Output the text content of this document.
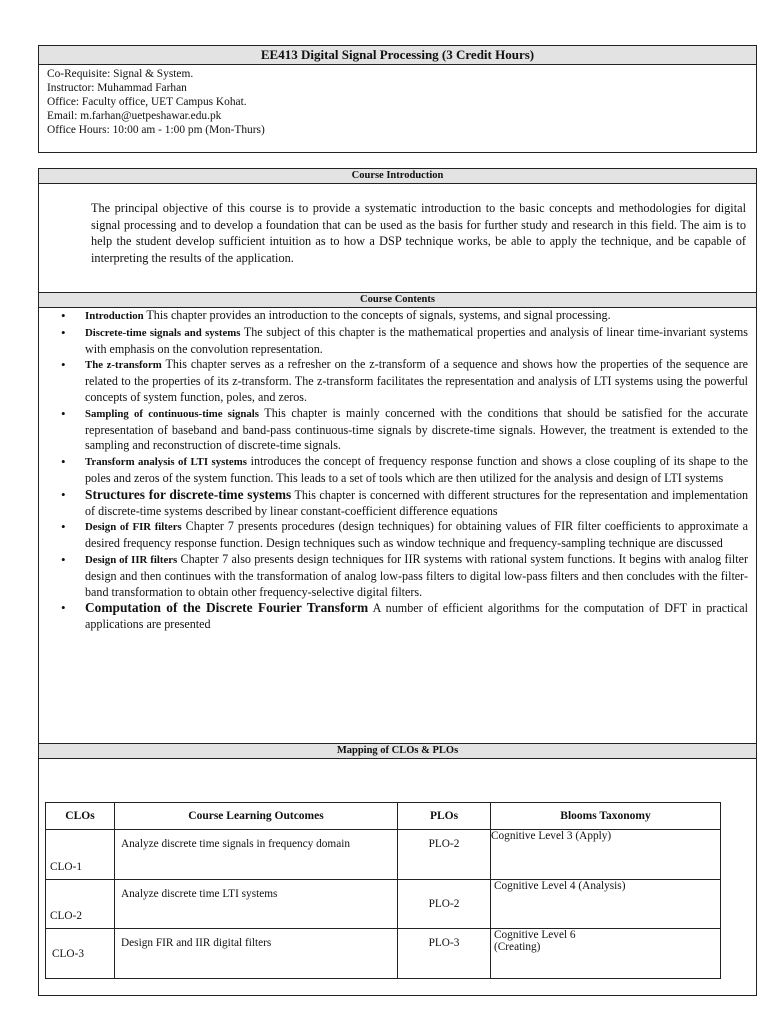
EE413 Digital Signal Processing (3 Credit Hours)
Co-Requisite: Signal & System.
Instructor: Muhammad Farhan
Office: Faculty office, UET Campus Kohat.
Email: m.farhan@uetpeshawar.edu.pk
Office Hours: 10:00 am - 1:00 pm (Mon-Thurs)
Course Introduction
The principal objective of this course is to provide a systematic introduction to the basic concepts and methodologies for digital signal processing and to develop a foundation that can be used as the basis for further study and research in this field. The aim is to help the student develop sufficient intuition as to how a DSP technique works, be able to apply the technique, and be capable of interpreting the results of the application.
Course Contents
• Introduction This chapter provides an introduction to the concepts of signals, systems, and signal processing.
• Discrete-time signals and systems The subject of this chapter is the mathematical properties and analysis of linear time-invariant systems with emphasis on the convolution representation.
• The z-transform This chapter serves as a refresher on the z-transform of a sequence and shows how the properties of the sequence are related to the properties of its z-transform. The z-transform facilitates the representation and analysis of LTI systems using the powerful concepts of system function, poles, and zeros.
• Sampling of continuous-time signals This chapter is mainly concerned with the conditions that should be satisfied for the accurate representation of baseband and band-pass continuous-time signals by discrete-time signals. However, the treatment is extended to the sampling and reconstruction of discrete-time signals.
• Transform analysis of LTI systems introduces the concept of frequency response function and shows a close coupling of its shape to the poles and zeros of the system function. This leads to a set of tools which are then utilized for the analysis and design of LTI systems
• Structures for discrete-time systems This chapter is concerned with different structures for the representation and implementation of discrete-time systems described by linear constant-coefficient difference equations
• Design of FIR filters Chapter 7 presents procedures (design techniques) for obtaining values of FIR filter coefficients to approximate a desired frequency response function. Design techniques such as window technique and frequency-sampling technique are discussed
• Design of IIR filters Chapter 7 also presents design techniques for IIR systems with rational system functions. It begins with analog filter design and then continues with the transformation of analog low-pass filters to digital low-pass filters and then concludes with the filter-band transformation to obtain other frequency-selective digital filters.
• Computation of the Discrete Fourier Transform A number of efficient algorithms for the computation of DFT in practical applications are presented
Mapping of CLOs & PLOs
CLOs	Course Learning Outcomes	PLOs	Blooms Taxonomy
CLO-1	Analyze discrete time signals in frequency domain	PLO-2	Cognitive Level 3 (Apply)
CLO-2	Analyze discrete time LTI systems	PLO-2	Cognitive Level 4 (Analysis)
CLO-3	Design FIR and IIR digital filters	PLO-3	Cognitive Level 6
(Creating)
